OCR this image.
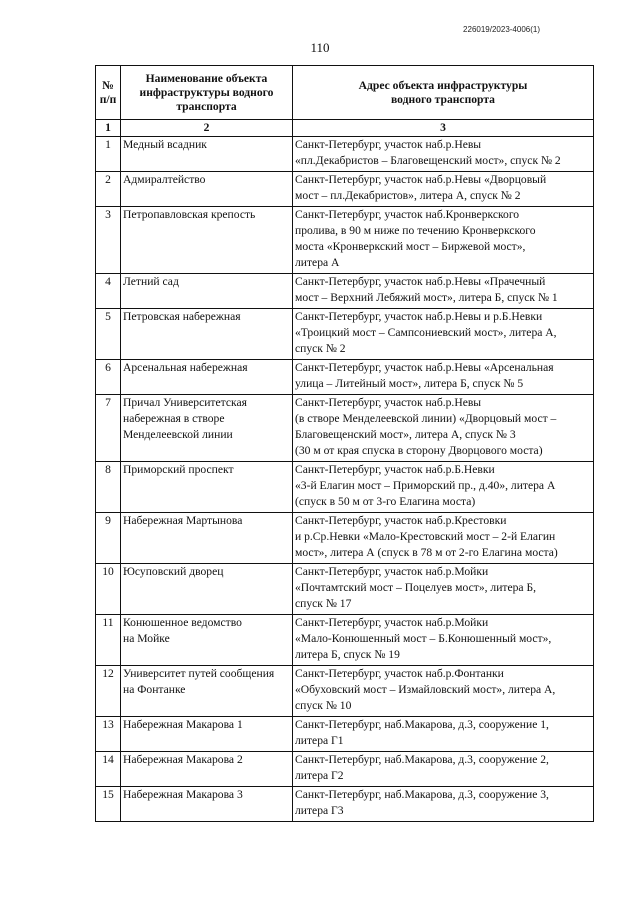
226019/2023-4006(1)
110
№
п/п	Наименование объекта
инфраструктуры водного
транспорта	Адрес объекта инфраструктуры
водного транспорта

1	2	3
1	Медный всадник	Санкт-Петербург, участок наб.р.Невы
«пл.Декабристов – Благовещенский мост», спуск № 2

2	Адмиралтейство	Санкт-Петербург, участок наб.р.Невы «Дворцовый
мост – пл.Декабристов», литера А, спуск № 2

3	Петропавловская крепость	Санкт-Петербург, участок наб.Кронверкского
пролива, в 90 м ниже по течению Кронверкского
моста «Кронверкский мост – Биржевой мост»,
литера А

4	Летний сад	Санкт-Петербург, участок наб.р.Невы «Прачечный
мост – Верхний Лебяжий мост», литера Б, спуск № 1

5	Петровская набережная	Санкт-Петербург, участок наб.р.Невы и р.Б.Невки
«Троицкий мост – Сампсониевский мост», литера А,
спуск № 2

6	Арсенальная набережная	Санкт-Петербург, участок наб.р.Невы «Арсенальная
улица – Литейный мост», литера Б, спуск № 5

7	Причал Университетская
набережная в створе
Менделеевской линии	Санкт-Петербург, участок наб.р.Невы
(в створе Менделеевской линии) «Дворцовый мост –
Благовещенский мост», литера А, спуск № 3
(30 м от края спуска в сторону Дворцового моста)

8	Приморский проспект	Санкт-Петербург, участок наб.р.Б.Невки
«3-й Елагин мост – Приморский пр., д.40», литера А
(спуск в 50 м от 3-го Елагина моста)

9	Набережная Мартынова	Санкт-Петербург, участок наб.р.Крестовки
и р.Ср.Невки «Мало-Крестовский мост – 2-й Елагин
мост», литера А (спуск в 78 м от 2-го Елагина моста)

10	Юсуповский дворец	Санкт-Петербург, участок наб.р.Мойки
«Почтамтский мост – Поцелуев мост», литера Б,
спуск № 17

11	Конюшенное ведомство
на Мойке	Санкт-Петербург, участок наб.р.Мойки
«Мало-Конюшенный мост – Б.Конюшенный мост»,
литера Б, спуск № 19

12	Университет путей сообщения
на Фонтанке	Санкт-Петербург, участок наб.р.Фонтанки
«Обуховский мост – Измайловский мост», литера А,
спуск № 10

13	Набережная Макарова 1	Санкт-Петербург, наб.Макарова, д.3, сооружение 1,
литера Г1

14	Набережная Макарова 2	Санкт-Петербург, наб.Макарова, д.3, сооружение 2,
литера Г2

15	Набережная Макарова 3	Санкт-Петербург, наб.Макарова, д.3, сооружение 3,
литера Г3
